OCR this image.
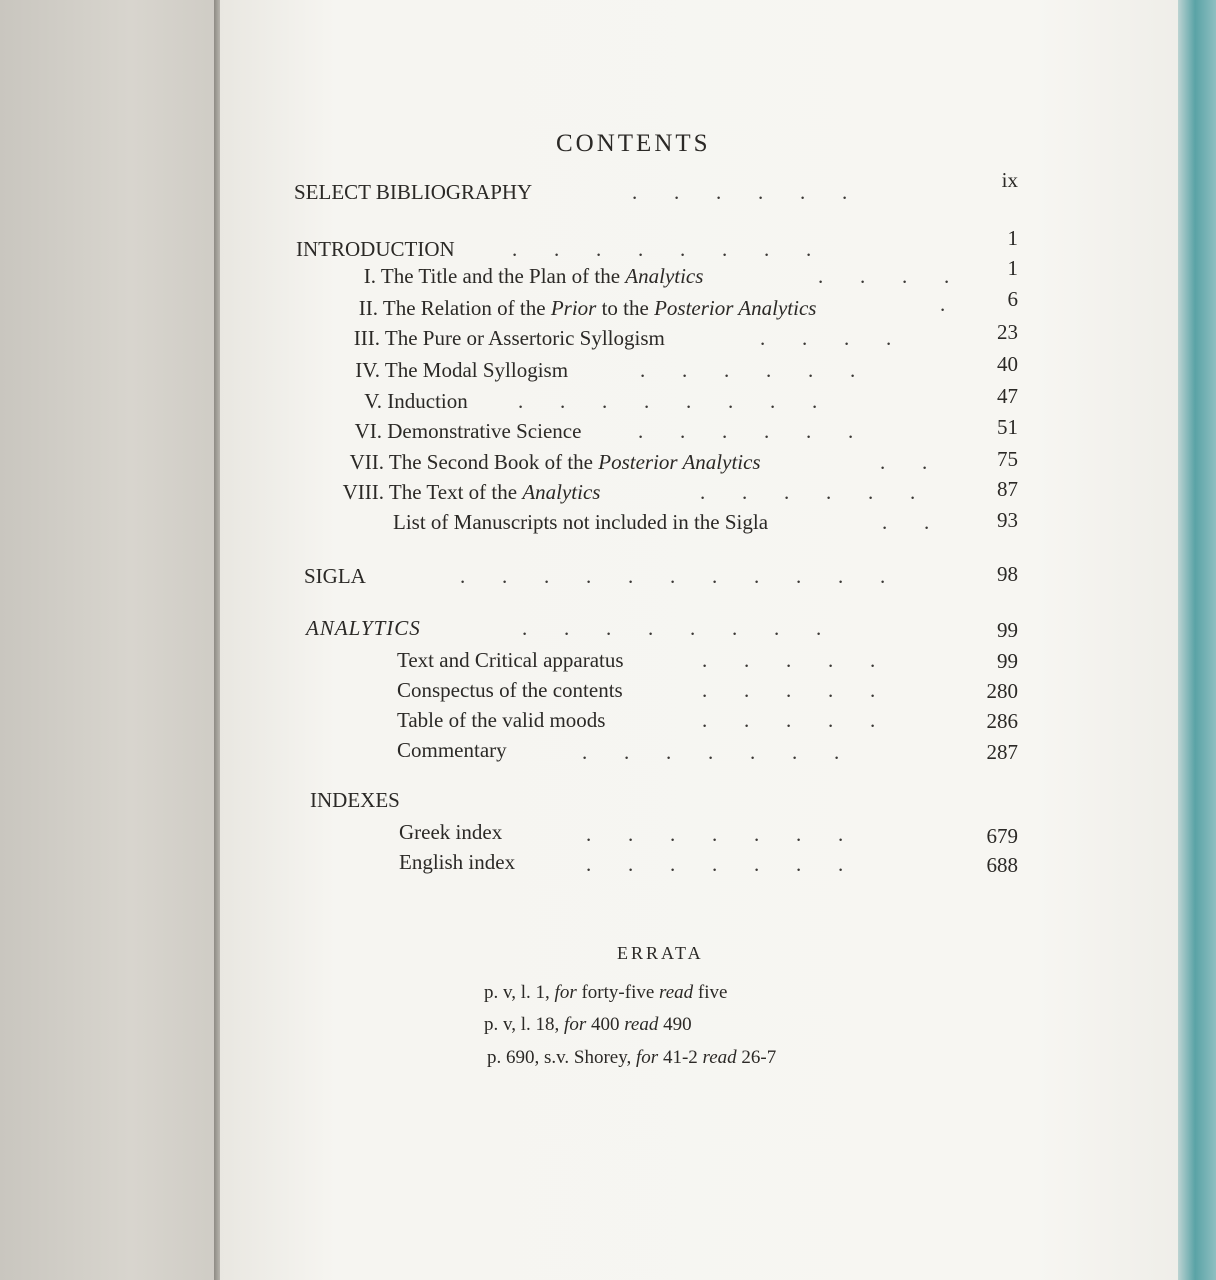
CONTENTS
SELECT BIBLIOGRAPHY	.       .       .       .       .       .	ix
INTRODUCTION	.       .       .       .       .       .       .       .	1
I. The Title and the Plan of the Analytics	.       .       .       .	1
II. The Relation of the Prior to the Posterior Analytics	.	6
III. The Pure or Assertoric Syllogism	.       .       .       .	23
IV. The Modal Syllogism	.       .       .       .       .       .	40
V. Induction .       .       .       .       .       .       .       .	47
VI. Demonstrative Science	.       .       .       .       .       .	51
VII. The Second Book of the Posterior Analytics	.       .	75
VIII. The Text of the Analytics	.       .       .       .       .       .	87
List of Manuscripts not included in the Sigla	.       .	93
SIGLA	.       .       .       .       .       .       .       .       .       .       .	98
ANALYTICS	.       .       .       .       .       .       .       .	99
Text and Critical apparatus	.       .       .       .       .	99
Conspectus of the contents	.       .       .       .       .	280
Table of the valid moods	.       .       .       .       .	286
Commentary	.       .       .       .       .       .       .	287
INDEXES
Greek index	.       .       .       .       .       .       .	679
English index	.       .       .       .       .       .       .	688
ERRATA
p. v, l. 1, for forty-five read five
p. v, l. 18, for 400 read 490
p. 690, s.v. Shorey, for 41-2 read 26-7
